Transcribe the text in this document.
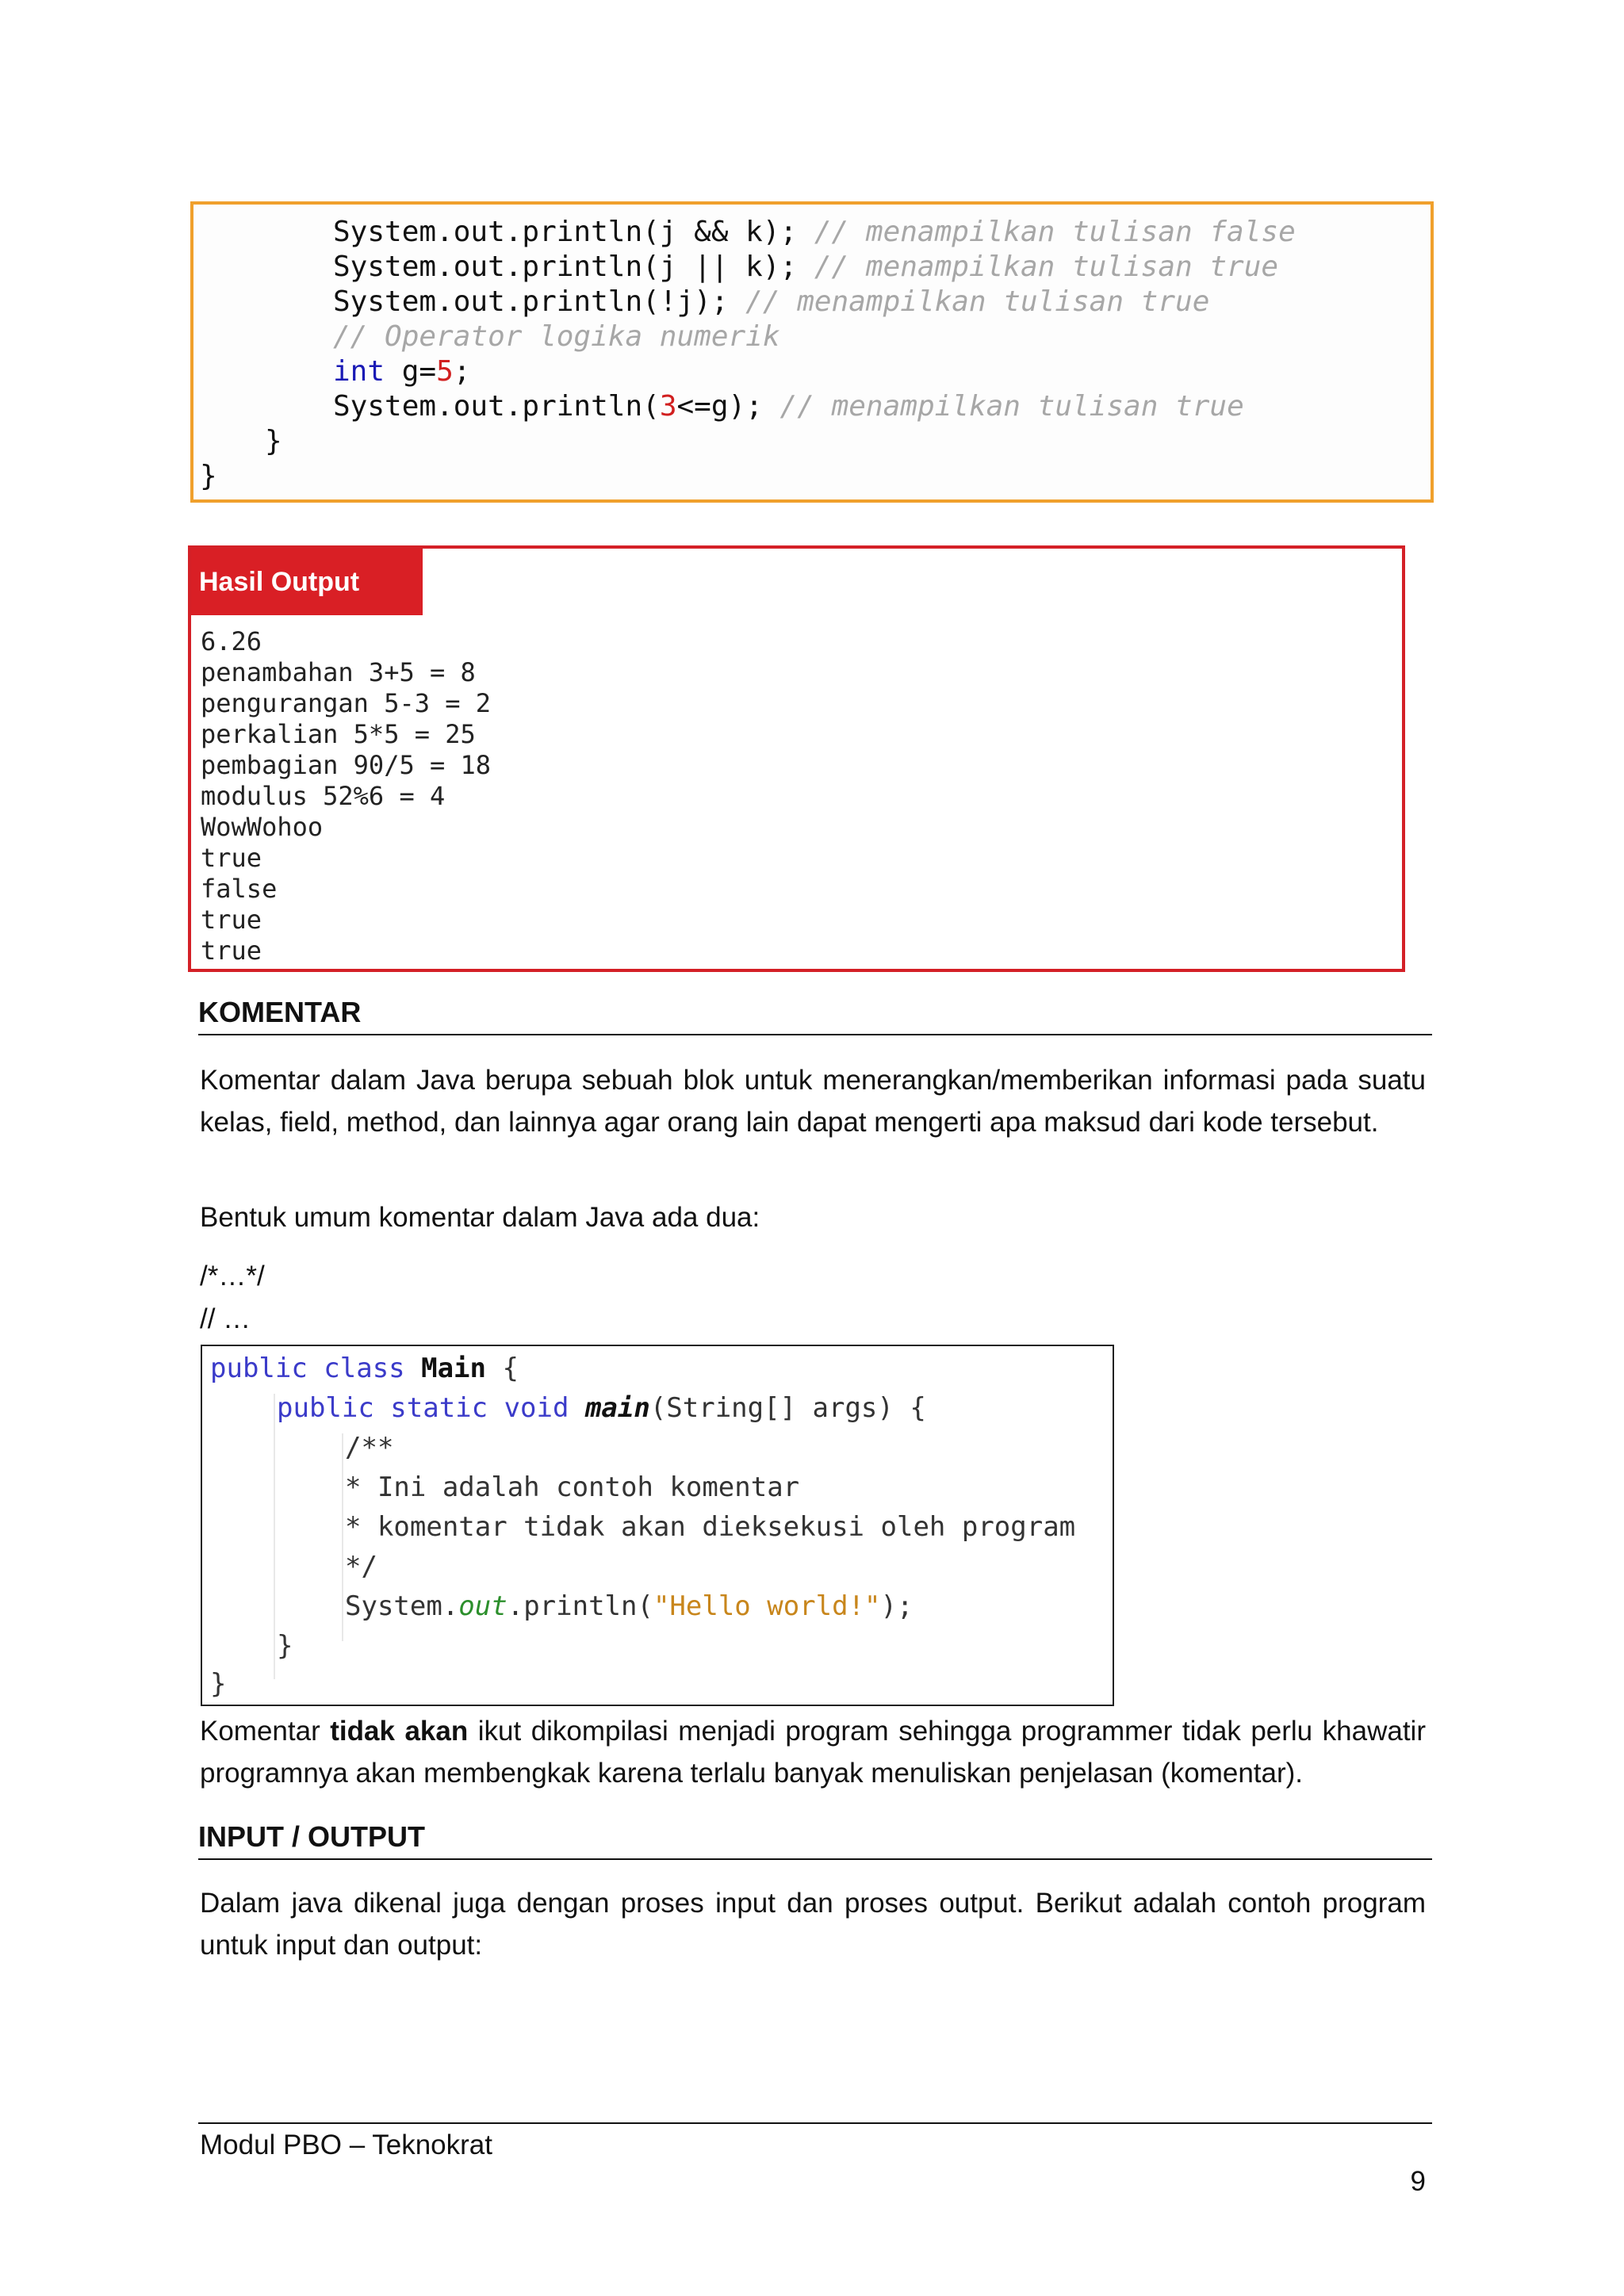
System.out.println(j && k); // menampilkan tulisan false
System.out.println(j || k); // menampilkan tulisan true
System.out.println(!j); // menampilkan tulisan true
// Operator logika numerik
int g=5;
System.out.println(3<=g); // menampilkan tulisan true
}
}
Hasil Output
6.26
penambahan 3+5 = 8
pengurangan 5-3 = 2
perkalian 5*5 = 25
pembagian 90/5 = 18
modulus 52%6 = 4
WowWohoo
true
false
true
true
KOMENTAR
Komentar dalam Java berupa sebuah blok untuk menerangkan/memberikan informasi pada suatu kelas, field, method, dan lainnya agar orang lain dapat mengerti apa maksud dari kode tersebut.
Bentuk umum komentar dalam Java ada dua:
/*…*/
// …
public class Main {
public static void main(String[] args) {
/**
* Ini adalah contoh komentar
* komentar tidak akan dieksekusi oleh program
*/
System.out.println("Hello world!");
}
}
Komentar tidak akan ikut dikompilasi menjadi program sehingga programmer tidak perlu khawatir programnya akan membengkak karena terlalu banyak menuliskan penjelasan (komentar).
INPUT / OUTPUT
Dalam java dikenal juga dengan proses input dan proses output. Berikut adalah contoh program untuk input dan output:
Modul PBO – Teknokrat
9
